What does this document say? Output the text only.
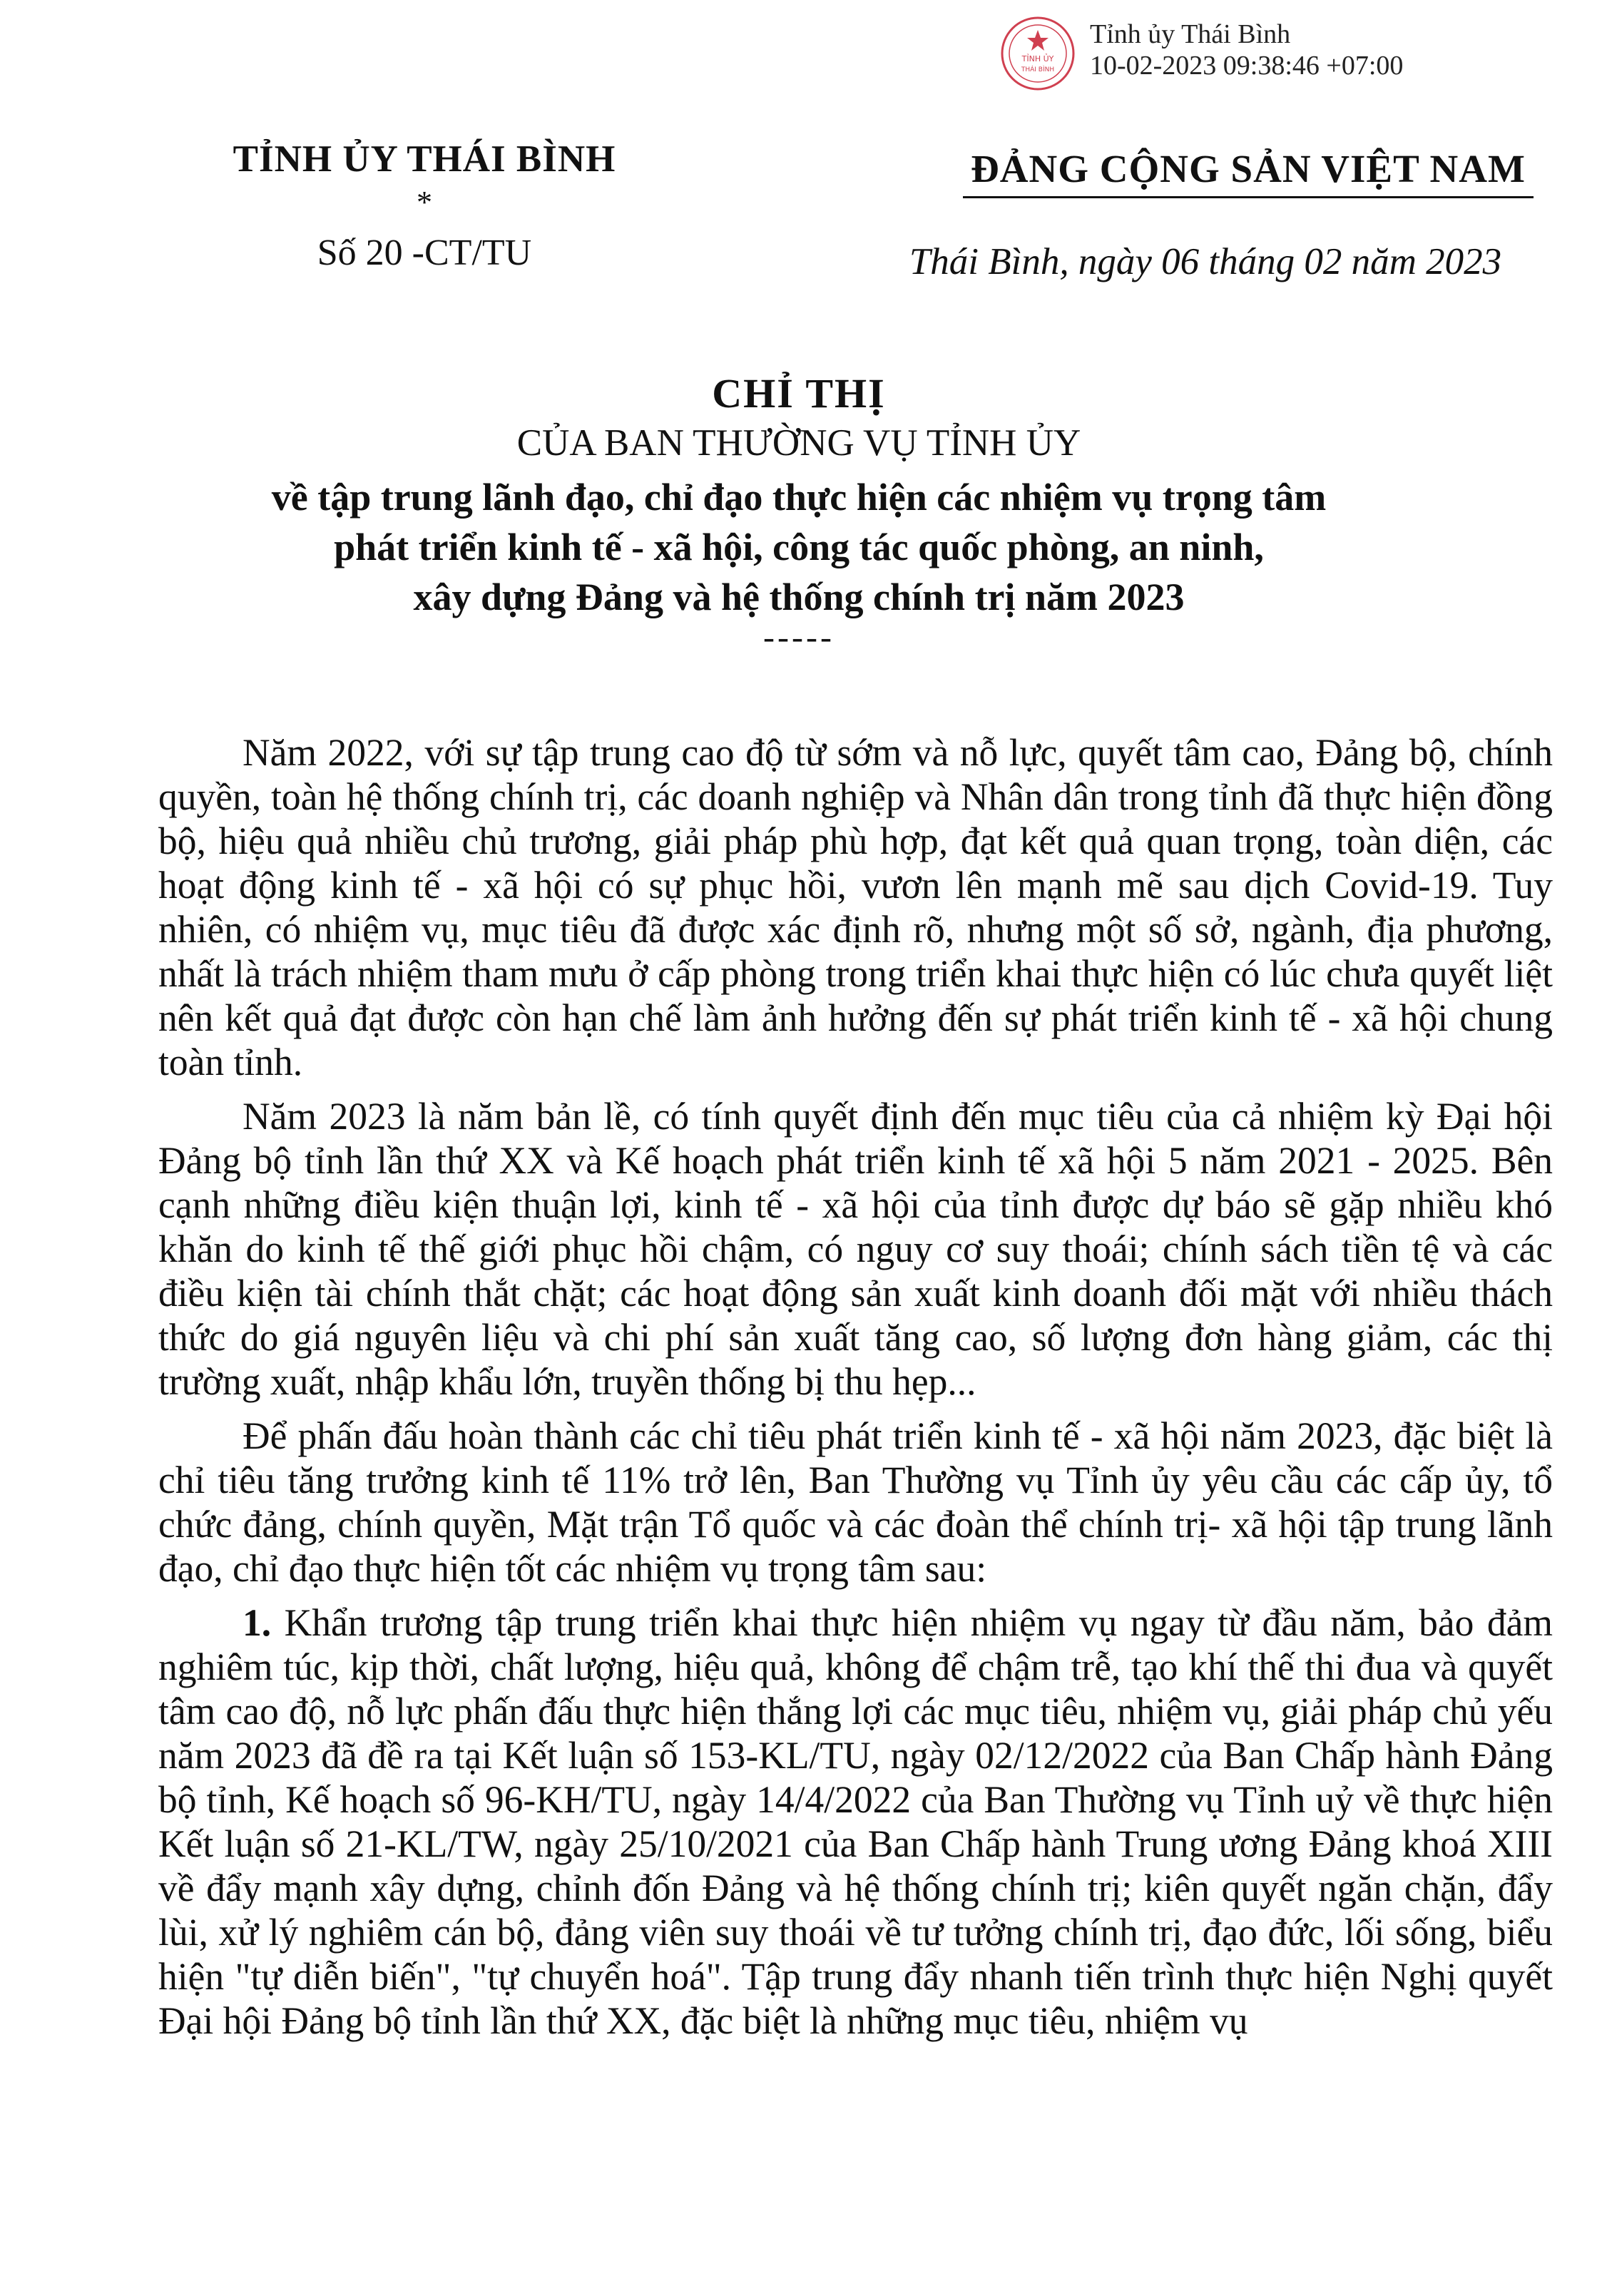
TỈNH ỦY
THÁI BÌNH
Tỉnh ủy Thái Bình
10-02-2023 09:38:46 +07:00
TỈNH ỦY THÁI BÌNH
*
Số 20 -CT/TU
ĐẢNG CỘNG SẢN VIỆT NAM
Thái Bình, ngày 06 tháng 02 năm 2023
CHỈ THỊ
CỦA BAN THƯỜNG VỤ TỈNH ỦY
về tập trung lãnh đạo, chỉ đạo thực hiện các nhiệm vụ trọng tâm
phát triển kinh tế - xã hội, công tác quốc phòng, an ninh,
xây dựng Đảng và hệ thống chính trị năm 2023
-----

Năm 2022, với sự tập trung cao độ từ sớm và nỗ lực, quyết tâm cao, Đảng bộ, chính quyền, toàn hệ thống chính trị, các doanh nghiệp và Nhân dân trong tỉnh đã thực hiện đồng bộ, hiệu quả nhiều chủ trương, giải pháp phù hợp, đạt kết quả quan trọng, toàn diện, các hoạt động kinh tế - xã hội có sự phục hồi, vươn lên mạnh mẽ sau dịch Covid-19. Tuy nhiên, có nhiệm vụ, mục tiêu đã được xác định rõ, nhưng một số sở, ngành, địa phương, nhất là trách nhiệm tham mưu ở cấp phòng trong triển khai thực hiện có lúc chưa quyết liệt nên kết quả đạt được còn hạn chế làm ảnh hưởng đến sự phát triển kinh tế - xã hội chung toàn tỉnh.

Năm 2023 là năm bản lề, có tính quyết định đến mục tiêu của cả nhiệm kỳ Đại hội Đảng bộ tỉnh lần thứ XX và Kế hoạch phát triển kinh tế xã hội 5 năm 2021 - 2025. Bên cạnh những điều kiện thuận lợi, kinh tế - xã hội của tỉnh được dự báo sẽ gặp nhiều khó khăn do kinh tế thế giới phục hồi chậm, có nguy cơ suy thoái; chính sách tiền tệ và các điều kiện tài chính thắt chặt; các hoạt động sản xuất kinh doanh đối mặt với nhiều thách thức do giá nguyên liệu và chi phí sản xuất tăng cao, số lượng đơn hàng giảm, các thị trường xuất, nhập khẩu lớn, truyền thống bị thu hẹp...

Để phấn đấu hoàn thành các chỉ tiêu phát triển kinh tế - xã hội năm 2023, đặc biệt là chỉ tiêu tăng trưởng kinh tế 11% trở lên, Ban Thường vụ Tỉnh ủy yêu cầu các cấp ủy, tổ chức đảng, chính quyền, Mặt trận Tổ quốc và các đoàn thể chính trị- xã hội tập trung lãnh đạo, chỉ đạo thực hiện tốt các nhiệm vụ trọng tâm sau:

1. Khẩn trương tập trung triển khai thực hiện nhiệm vụ ngay từ đầu năm, bảo đảm nghiêm túc, kịp thời, chất lượng, hiệu quả, không để chậm trễ, tạo khí thế thi đua và quyết tâm cao độ, nỗ lực phấn đấu thực hiện thắng lợi các mục tiêu, nhiệm vụ, giải pháp chủ yếu năm 2023 đã đề ra tại Kết luận số 153-KL/TU, ngày 02/12/2022 của Ban Chấp hành Đảng bộ tỉnh, Kế hoạch số 96-KH/TU, ngày 14/4/2022 của Ban Thường vụ Tỉnh uỷ về thực hiện Kết luận số 21-KL/TW, ngày 25/10/2021 của Ban Chấp hành Trung ương Đảng khoá XIII về đẩy mạnh xây dựng, chỉnh đốn Đảng và hệ thống chính trị; kiên quyết ngăn chặn, đẩy lùi, xử lý nghiêm cán bộ, đảng viên suy thoái về tư tưởng chính trị, đạo đức, lối sống, biểu hiện "tự diễn biến", "tự chuyển hoá". Tập trung đẩy nhanh tiến trình thực hiện Nghị quyết Đại hội Đảng bộ tỉnh lần thứ XX, đặc biệt là những mục tiêu, nhiệm vụ
